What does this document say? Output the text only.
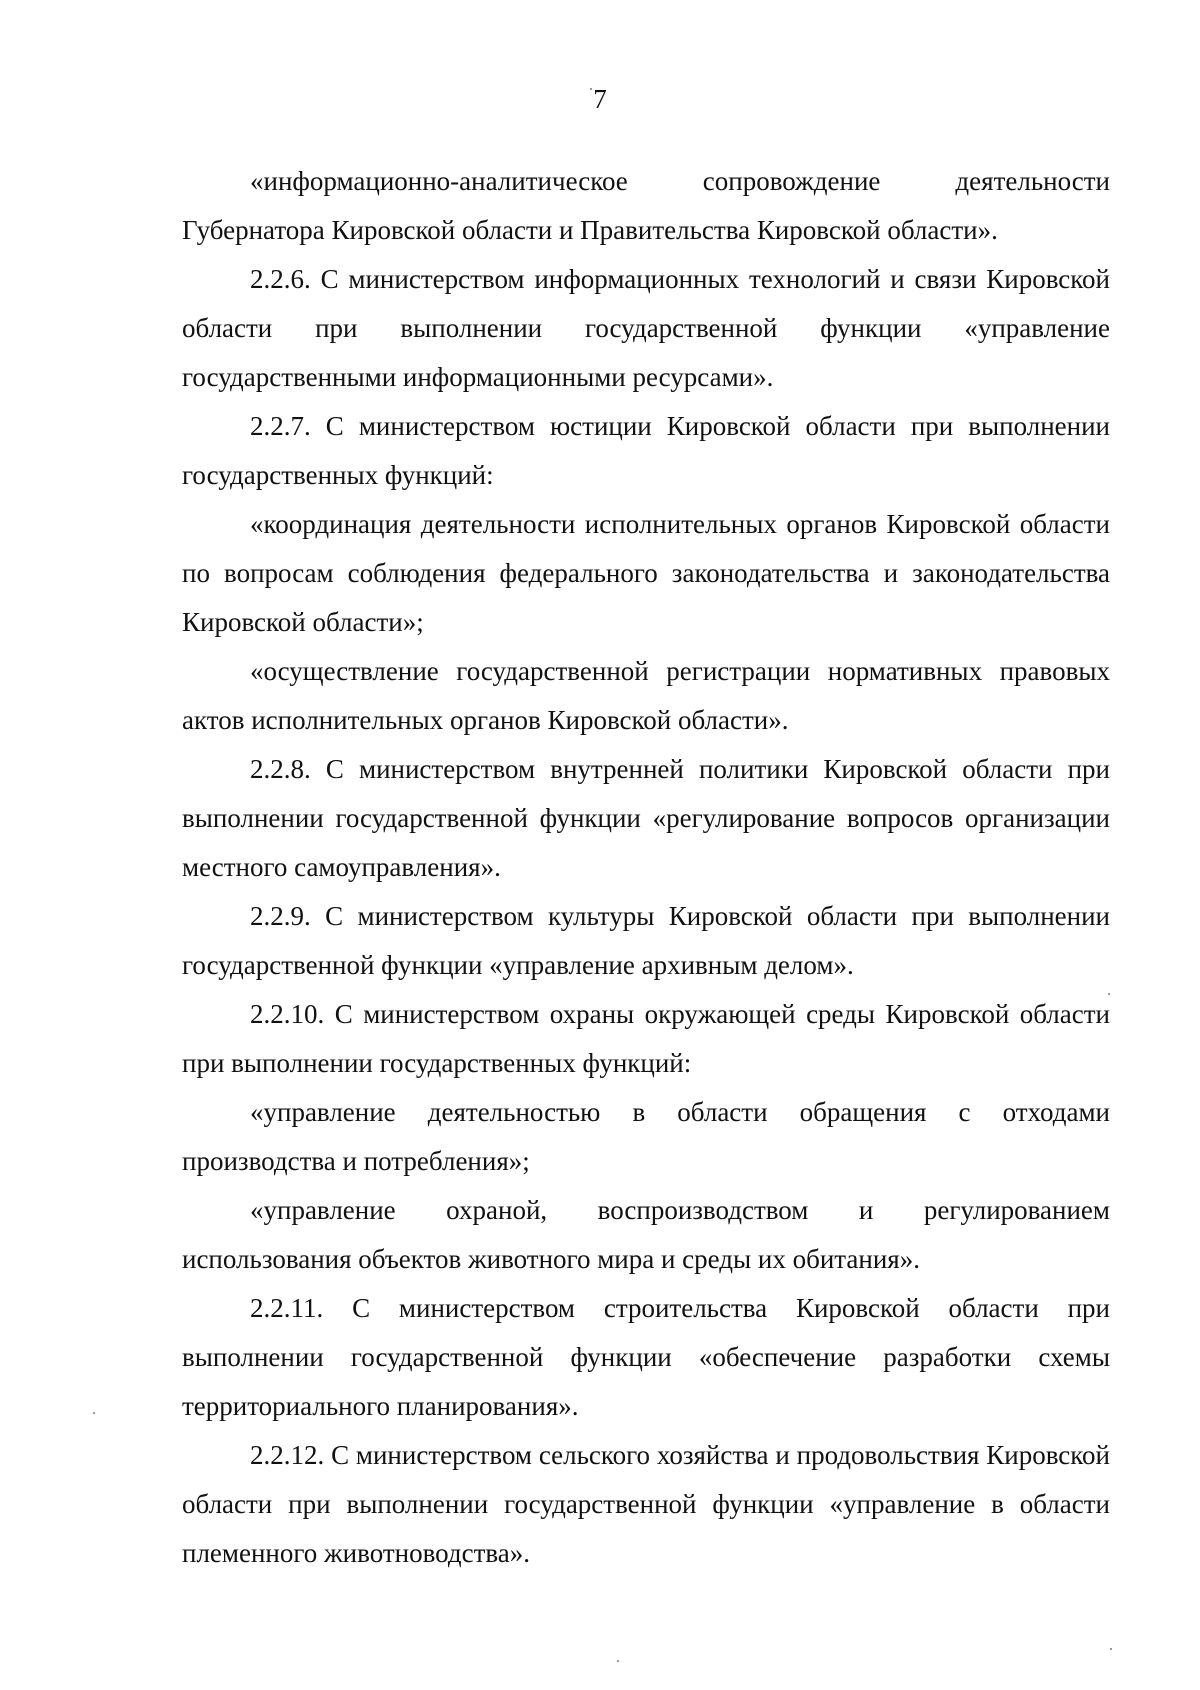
7

«информационно-аналитическое сопровождение деятельности Губернатора Кировской области и Правительства Кировской области».

2.2.6. С министерством информационных технологий и связи Кировской области при выполнении государственной функции «управление государственными информационными ресурсами».

2.2.7. С министерством юстиции Кировской области при выполнении государственных функций:

«координация деятельности исполнительных органов Кировской области по вопросам соблюдения федерального законодательства и законодательства Кировской области»;

«осуществление государственной регистрации нормативных правовых актов исполнительных органов Кировской области».

2.2.8. С министерством внутренней политики Кировской области при выполнении государственной функции «регулирование вопросов организации местного самоуправления».

2.2.9. С министерством культуры Кировской области при выполнении государственной функции «управление архивным делом».

2.2.10. С министерством охраны окружающей среды Кировской области при выполнении государственных функций:

«управление деятельностью в области обращения с отходами производства и потребления»;

«управление охраной, воспроизводством и регулированием использования объектов животного мира и среды их обитания».

2.2.11. С министерством строительства Кировской области при выполнении государственной функции «обеспечение разработки схемы территориального планирования».

2.2.12. С министерством сельского хозяйства и продовольствия Кировской области при выполнении государственной функции «управление в области племенного животноводства».
